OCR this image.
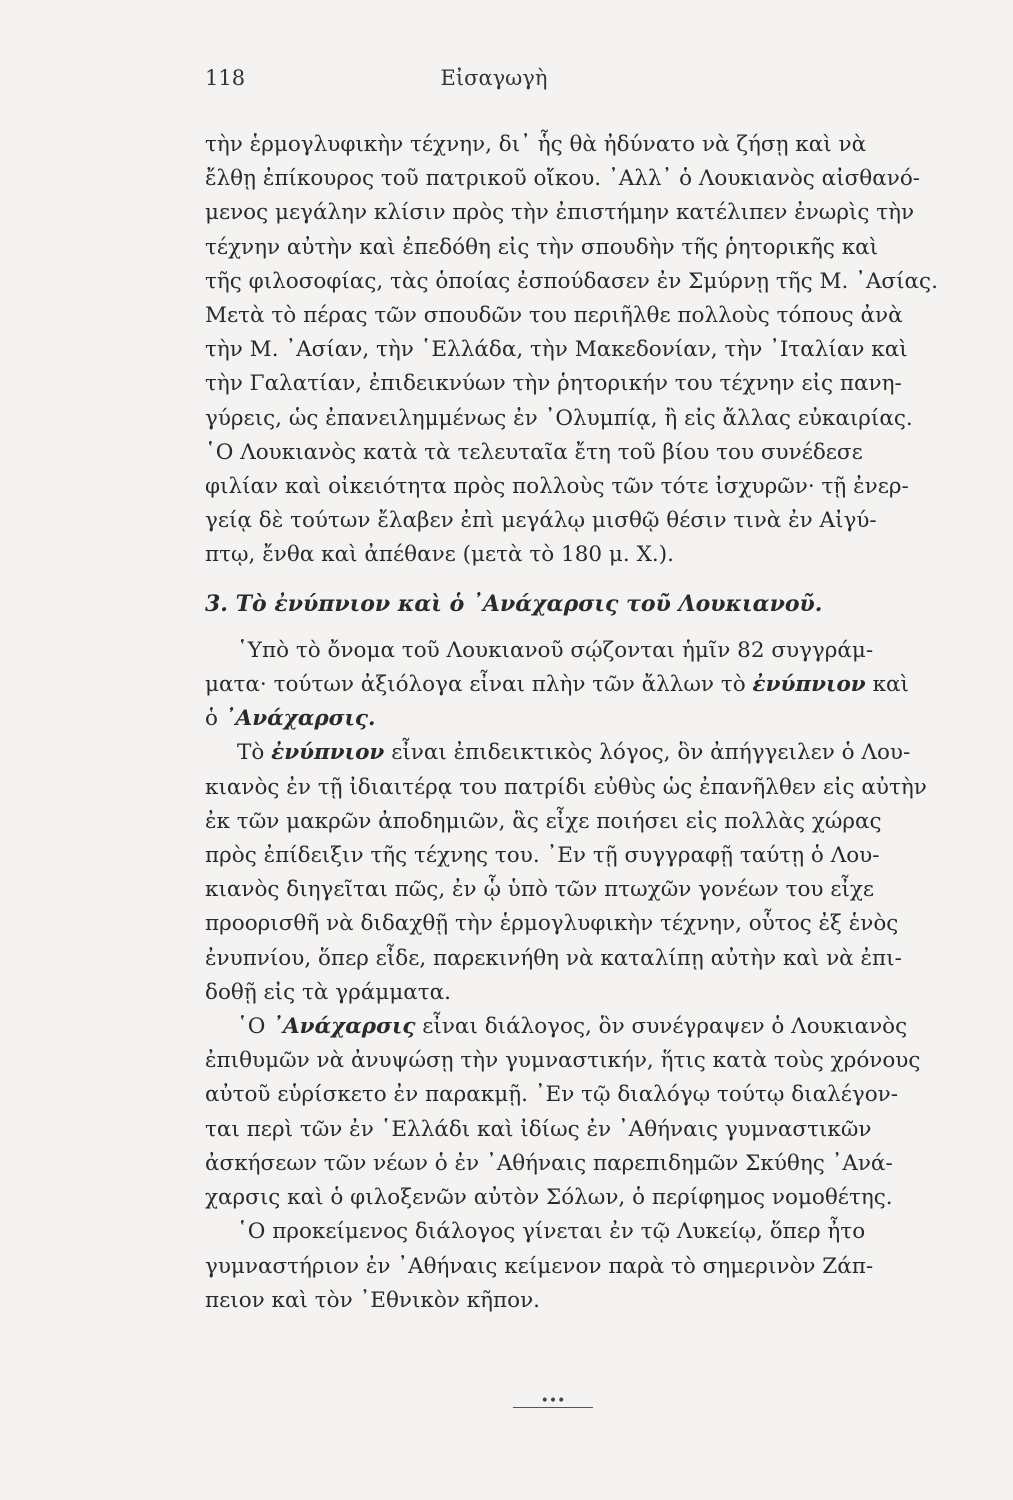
118	Εἰσαγωγὴ
τὴν ἑρμογλυφικὴν τέχνην, δι᾿ ἧς θὰ ἠδύνατο νὰ ζήσῃ καὶ νὰ
ἔλθῃ ἐπίκουρος τοῦ πατρικοῦ οἴκου. ᾿Αλλ᾿ ὁ Λουκιανὸς αἰσθανό-
μενος μεγάλην κλίσιν πρὸς τὴν ἐπιστήμην κατέλιπεν ἐνωρὶς τὴν
τέχνην αὐτὴν καὶ ἐπεδόθη εἰς τὴν σπουδὴν τῆς ῥητορικῆς καὶ
τῆς φιλοσοφίας, τὰς ὁποίας ἐσπούδασεν ἐν Σμύρνῃ τῆς Μ. ᾿Ασίας.
Μετὰ τὸ πέρας τῶν σπουδῶν του περιῆλθε πολλοὺς τόπους ἀνὰ
τὴν Μ. ᾿Ασίαν, τὴν ῾Ελλάδα, τὴν Μακεδονίαν, τὴν ᾿Ιταλίαν καὶ
τὴν Γαλατίαν, ἐπιδεικνύων τὴν ῥητορικήν του τέχνην εἰς πανη-
γύρεις, ὡς ἐπανειλημμένως ἐν ᾿Ολυμπίᾳ, ἢ εἰς ἄλλας εὐκαιρίας.
῾Ο Λουκιανὸς κατὰ τὰ τελευταῖα ἔτη τοῦ βίου του συνέδεσε
φιλίαν καὶ οἰκειότητα πρὸς πολλοὺς τῶν τότε ἰσχυρῶν· τῇ ἐνερ-
γείᾳ δὲ τούτων ἔλαβεν ἐπὶ μεγάλῳ μισθῷ θέσιν τινὰ ἐν Αἰγύ-
πτῳ, ἔνθα καὶ ἀπέθανε (μετὰ τὸ 180 μ. Χ.).
3. Τὸ ἐνύπνιον καὶ ὁ ᾿Ανάχαρσις τοῦ Λουκιανοῦ.
῾Υπὸ τὸ ὄνομα τοῦ Λουκιανοῦ σῴζονται ἡμῖν 82 συγγράμ-
ματα· τούτων ἀξιόλογα εἶναι πλὴν τῶν ἄλλων τὸ ἐνύπνιον καὶ
ὁ ᾿Ανάχαρσις.
Τὸ ἐνύπνιον εἶναι ἐπιδεικτικὸς λόγος, ὃν ἀπήγγειλεν ὁ Λου-
κιανὸς ἐν τῇ ἰδιαιτέρᾳ του πατρίδι εὐθὺς ὡς ἐπανῆλθεν εἰς αὐτὴν
ἐκ τῶν μακρῶν ἀποδημιῶν, ἃς εἶχε ποιήσει εἰς πολλὰς χώρας
πρὸς ἐπίδειξιν τῆς τέχνης του. ᾿Εν τῇ συγγραφῇ ταύτῃ ὁ Λου-
κιανὸς διηγεῖται πῶς, ἐν ᾧ ὑπὸ τῶν πτωχῶν γονέων του εἶχε
προορισθῆ νὰ διδαχθῇ τὴν ἑρμογλυφικὴν τέχνην, οὗτος ἐξ ἑνὸς
ἐνυπνίου, ὅπερ εἶδε, παρεκινήθη νὰ καταλίπῃ αὐτὴν καὶ νὰ ἐπι-
δοθῇ εἰς τὰ γράμματα.
῾Ο ᾿Ανάχαρσις εἶναι διάλογος, ὃν συνέγραψεν ὁ Λουκιανὸς
ἐπιθυμῶν νὰ ἀνυψώσῃ τὴν γυμναστικήν, ἥτις κατὰ τοὺς χρόνους
αὐτοῦ εὑρίσκετο ἐν παρακμῇ. ᾿Εν τῷ διαλόγῳ τούτῳ διαλέγον-
ται περὶ τῶν ἐν ῾Ελλάδι καὶ ἰδίως ἐν ᾿Αθήναις γυμναστικῶν
ἀσκήσεων τῶν νέων ὁ ἐν ᾿Αθήναις παρεπιδημῶν Σκύθης ᾿Ανά-
χαρσις καὶ ὁ φιλοξενῶν αὐτὸν Σόλων, ὁ περίφημος νομοθέτης.
῾Ο προκείμενος διάλογος γίνεται ἐν τῷ Λυκείῳ, ὅπερ ἦτο
γυμναστήριον ἐν ᾿Αθήναις κείμενον παρὰ τὸ σημερινὸν Ζάπ-
πειον καὶ τὸν ᾿Εθνικὸν κῆπον.
•••
